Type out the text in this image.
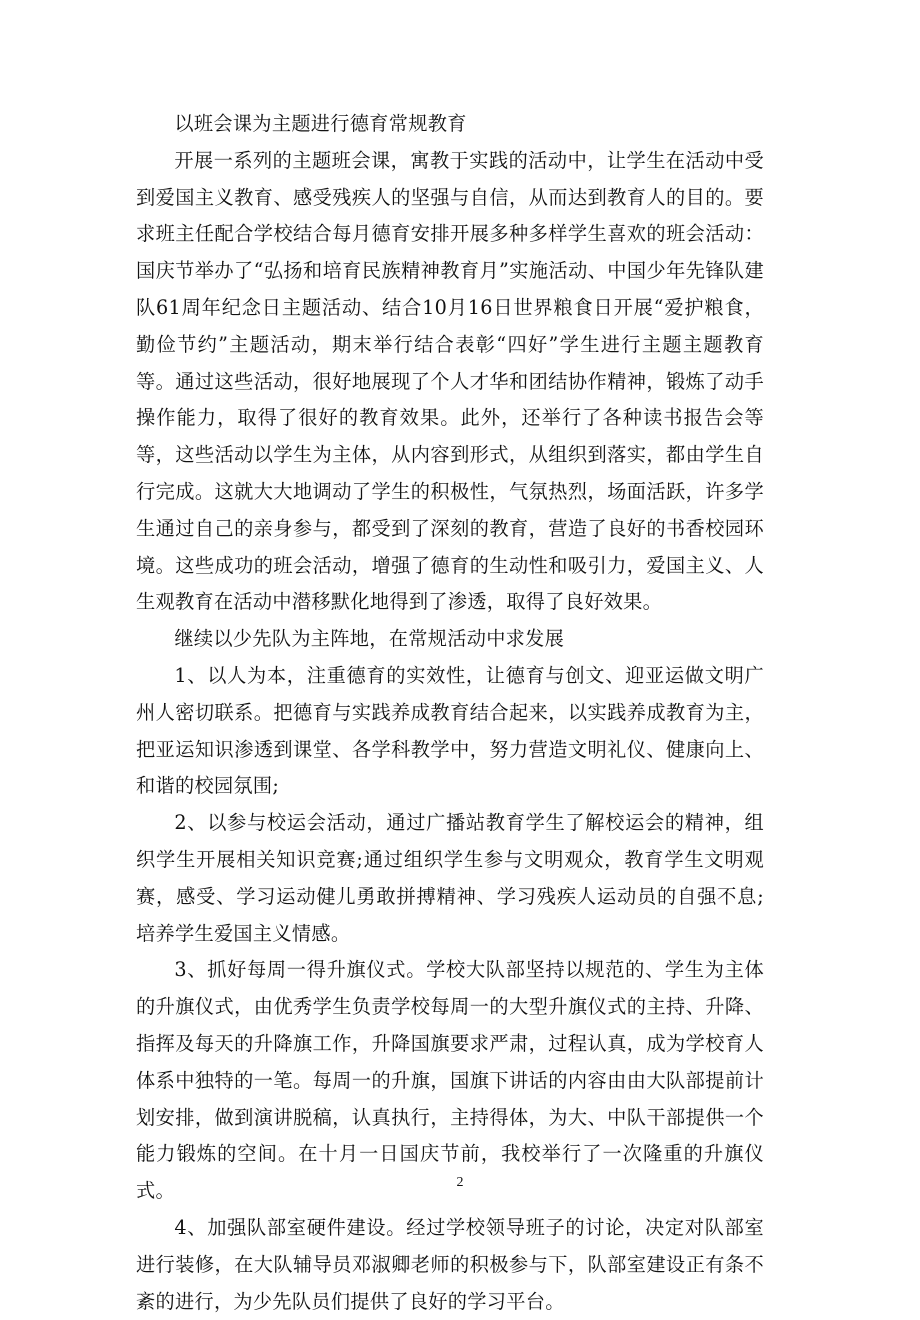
以班会课为主题进行德育常规教育

开展一系列的主题班会课，寓教于实践的活动中，让学生在活动中受到爱国主义教育、感受残疾人的坚强与自信，从而达到教育人的目的。要求班主任配合学校结合每月德育安排开展多种多样学生喜欢的班会活动：国庆节举办了“弘扬和培育民族精神教育月”实施活动、中国少年先锋队建队61周年纪念日主题活动、结合10月16日世界粮食日开展“爱护粮食，勤俭节约”主题活动，期末举行结合表彰“四好”学生进行主题主题教育等。通过这些活动，很好地展现了个人才华和团结协作精神，锻炼了动手操作能力，取得了很好的教育效果。此外，还举行了各种读书报告会等等，这些活动以学生为主体，从内容到形式，从组织到落实，都由学生自行完成。这就大大地调动了学生的积极性，气氛热烈，场面活跃，许多学生通过自己的亲身参与，都受到了深刻的教育，营造了良好的书香校园环境。这些成功的班会活动，增强了德育的生动性和吸引力，爱国主义、人生观教育在活动中潜移默化地得到了渗透，取得了良好效果。

继续以少先队为主阵地，在常规活动中求发展

1、以人为本，注重德育的实效性，让德育与创文、迎亚运做文明广州人密切联系。把德育与实践养成教育结合起来，以实践养成教育为主，把亚运知识渗透到课堂、各学科教学中，努力营造文明礼仪、健康向上、和谐的校园氛围;

2、以参与校运会活动，通过广播站教育学生了解校运会的精神，组织学生开展相关知识竞赛;通过组织学生参与文明观众，教育学生文明观赛，感受、学习运动健儿勇敢拼搏精神、学习残疾人运动员的自强不息;培养学生爱国主义情感。

3、抓好每周一得升旗仪式。学校大队部坚持以规范的、学生为主体的升旗仪式，由优秀学生负责学校每周一的大型升旗仪式的主持、升降、指挥及每天的升降旗工作，升降国旗要求严肃，过程认真，成为学校育人体系中独特的一笔。每周一的升旗，国旗下讲话的内容由由大队部提前计划安排，做到演讲脱稿，认真执行，主持得体，为大、中队干部提供一个能力锻炼的空间。在十月一日国庆节前，我校举行了一次隆重的升旗仪式。

4、加强队部室硬件建设。经过学校领导班子的讨论，决定对队部室进行装修，在大队辅导员邓淑卿老师的积极参与下，队部室建设正有条不紊的进行，为少先队员们提供了良好的学习平台。

2
